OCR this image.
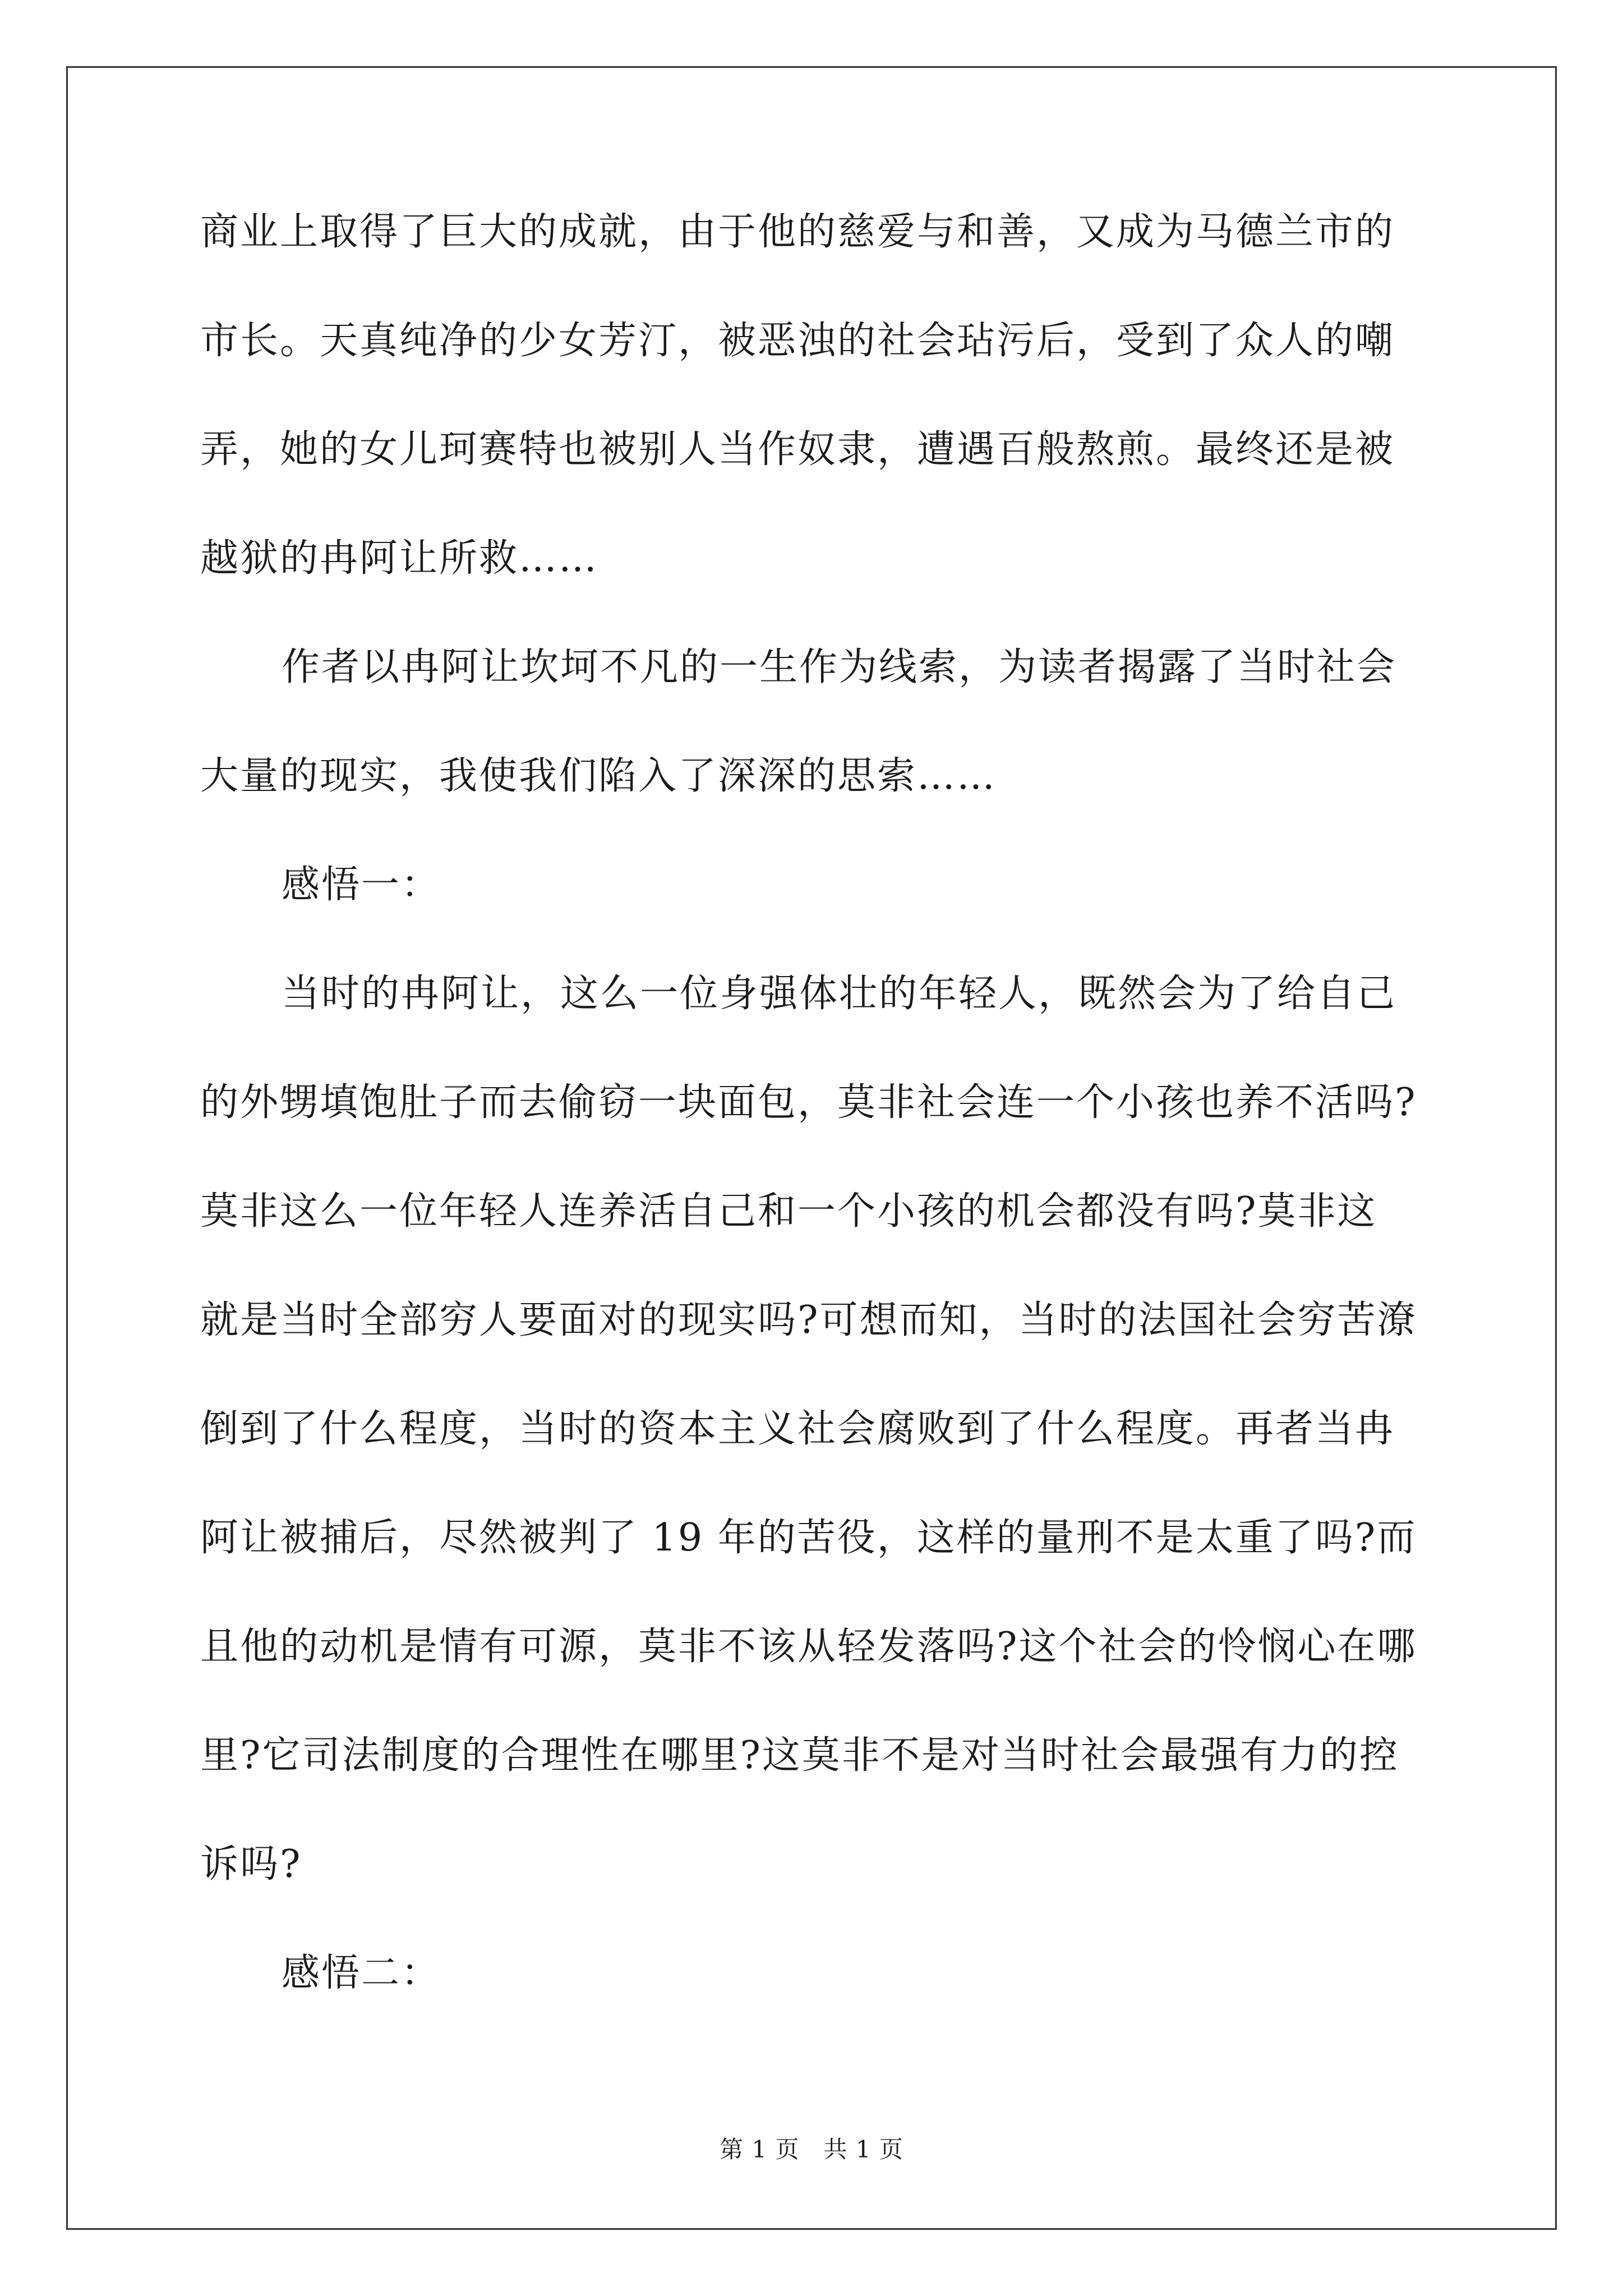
商业上取得了巨大的成就，由于他的慈爱与和善，又成为马德兰市的
市长。天真纯净的少女芳汀，被恶浊的社会玷污后，受到了众人的嘲
弄，她的女儿珂赛特也被别人当作奴隶，遭遇百般熬煎。最终还是被
越狱的冉阿让所救……
作者以冉阿让坎坷不凡的一生作为线索，为读者揭露了当时社会
大量的现实，我使我们陷入了深深的思索……
感悟一：
当时的冉阿让，这么一位身强体壮的年轻人，既然会为了给自己
的外甥填饱肚子而去偷窃一块面包，莫非社会连一个小孩也养不活吗?
莫非这么一位年轻人连养活自己和一个小孩的机会都没有吗?莫非这
就是当时全部穷人要面对的现实吗?可想而知，当时的法国社会穷苦潦
倒到了什么程度，当时的资本主义社会腐败到了什么程度。再者当冉
阿让被捕后，尽然被判了 19 年的苦役，这样的量刑不是太重了吗?而
且他的动机是情有可源，莫非不该从轻发落吗?这个社会的怜悯心在哪
里?它司法制度的合理性在哪里?这莫非不是对当时社会最强有力的控
诉吗?
感悟二：
第 1 页　共 1 页
